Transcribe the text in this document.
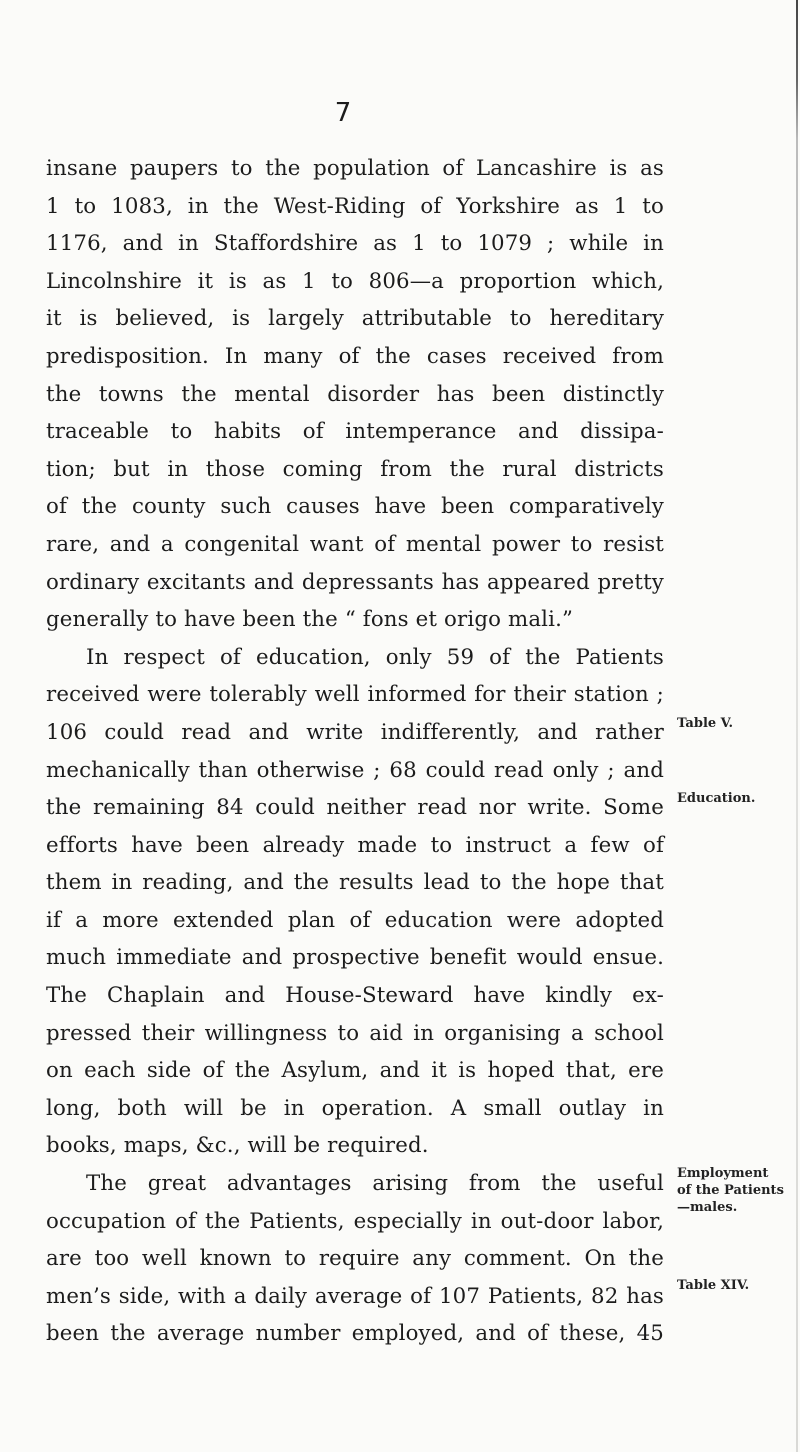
7
insane paupers to the population of Lancashire is as
1 to 1083, in the West-Riding of Yorkshire as 1 to
1176, and in Staffordshire as 1 to 1079 ; while in
Lincolnshire it is as 1 to 806—a proportion which,
it is believed, is largely attributable to hereditary
predisposition. In many of the cases received from
the towns the mental disorder has been distinctly
traceable to habits of intemperance and dissipa-
tion; but in those coming from the rural districts
of the county such causes have been comparatively
rare, and a congenital want of mental power to resist
ordinary excitants and depressants has appeared pretty
generally to have been the “ fons et origo mali.”
In respect of education, only 59 of the Patients
received were tolerably well informed for their station ;
106 could read and write indifferently, and rather
mechanically than otherwise ; 68 could read only ; and
the remaining 84 could neither read nor write. Some
efforts have been already made to instruct a few of
them in reading, and the results lead to the hope that
if a more extended plan of education were adopted
much immediate and prospective benefit would ensue.
The Chaplain and House-Steward have kindly ex-
pressed their willingness to aid in organising a school
on each side of the Asylum, and it is hoped that, ere
long, both will be in operation. A small outlay in
books, maps, &c., will be required.
The great advantages arising from the useful
occupation of the Patients, especially in out-door labor,
are too well known to require any comment. On the
men’s side, with a daily average of 107 Patients, 82 has
been the average number employed, and of these, 45
Table V.
Education.
Employment
of the Patients
—males.
Table XIV.
